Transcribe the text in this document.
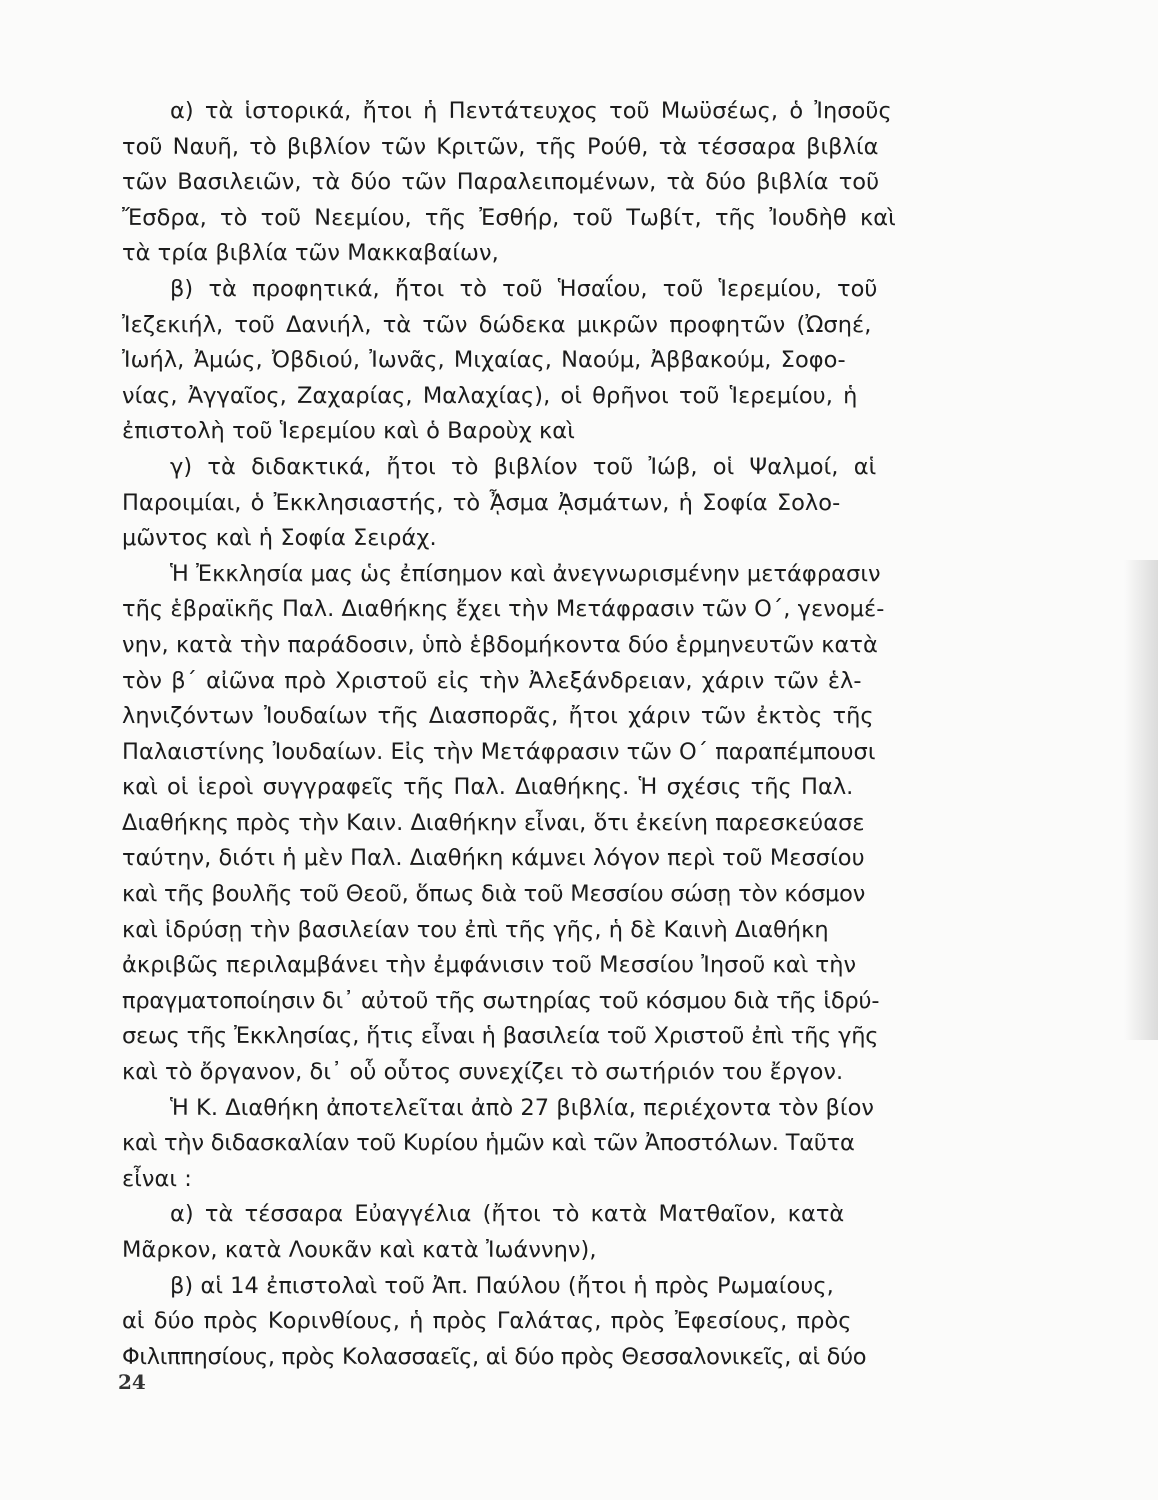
α) τὰ ἱστορικά, ἤτοι ἡ Πεντάτευχος τοῦ Μωϋσέως, ὁ Ἰησοῦς
τοῦ Ναυῆ, τὸ βιβλίον τῶν Κριτῶν, τῆς Ρούθ, τὰ τέσσαρα βιβλία
τῶν Βασιλειῶν, τὰ δύο τῶν Παραλειπομένων, τὰ δύο βιβλία τοῦ
Ἔσδρα, τὸ τοῦ Νεεμίου, τῆς Ἐσθήρ, τοῦ Τωβίτ, τῆς Ἰουδὴθ καὶ
τὰ τρία βιβλία τῶν Μακκαβαίων,
β) τὰ προφητικά, ἤτοι τὸ τοῦ Ἡσαΐου, τοῦ Ἱερεμίου, τοῦ
Ἰεζεκιήλ, τοῦ Δανιήλ, τὰ τῶν δώδεκα μικρῶν προφητῶν (Ὠσηέ,
Ἰωήλ, Ἀμώς, Ὀβδιού, Ἰωνᾶς, Μιχαίας, Ναούμ, Ἀββακούμ, Σοφο-
νίας, Ἀγγαῖος, Ζαχαρίας, Μαλαχίας), οἱ θρῆνοι τοῦ Ἱερεμίου, ἡ
ἐπιστολὴ τοῦ Ἱερεμίου καὶ ὁ Βαροὺχ καὶ
γ) τὰ διδακτικά, ἤτοι τὸ βιβλίον τοῦ Ἰώβ, οἱ Ψαλμοί, αἱ
Παροιμίαι, ὁ Ἐκκλησιαστής, τὸ ᾎσμα ᾈσμάτων, ἡ Σοφία Σολο-
μῶντος καὶ ἡ Σοφία Σειράχ.
Ἡ Ἐκκλησία μας ὡς ἐπίσημον καὶ ἀνεγνωρισμένην μετάφρασιν
τῆς ἑβραϊκῆς Παλ. Διαθήκης ἔχει τὴν Μετάφρασιν τῶν Ο΄, γενομέ-
νην, κατὰ τὴν παράδοσιν, ὑπὸ ἑβδομήκοντα δύο ἑρμηνευτῶν κατὰ
τὸν β΄ αἰῶνα πρὸ Χριστοῦ εἰς τὴν Ἀλεξάνδρειαν, χάριν τῶν ἑλ-
ληνιζόντων Ἰουδαίων τῆς Διασπορᾶς, ἤτοι χάριν τῶν ἐκτὸς τῆς
Παλαιστίνης Ἰουδαίων. Εἰς τὴν Μετάφρασιν τῶν Ο΄ παραπέμπουσι
καὶ οἱ ἱεροὶ συγγραφεῖς τῆς Παλ. Διαθήκης. Ἡ σχέσις τῆς Παλ.
Διαθήκης πρὸς τὴν Καιν. Διαθήκην εἶναι, ὅτι ἐκείνη παρεσκεύασε
ταύτην, διότι ἡ μὲν Παλ. Διαθήκη κάμνει λόγον περὶ τοῦ Μεσσίου
καὶ τῆς βουλῆς τοῦ Θεοῦ, ὅπως διὰ τοῦ Μεσσίου σώσῃ τὸν κόσμον
καὶ ἱδρύσῃ τὴν βασιλείαν του ἐπὶ τῆς γῆς, ἡ δὲ Καινὴ Διαθήκη
ἀκριβῶς περιλαμβάνει τὴν ἐμφάνισιν τοῦ Μεσσίου Ἰησοῦ καὶ τὴν
πραγματοποίησιν δι᾽ αὐτοῦ τῆς σωτηρίας τοῦ κόσμου διὰ τῆς ἱδρύ-
σεως τῆς Ἐκκλησίας, ἥτις εἶναι ἡ βασιλεία τοῦ Χριστοῦ ἐπὶ τῆς γῆς
καὶ τὸ ὄργανον, δι᾽ οὗ οὗτος συνεχίζει τὸ σωτήριόν του ἔργον.
Ἡ Κ. Διαθήκη ἀποτελεῖται ἀπὸ 27 βιβλία, περιέχοντα τὸν βίον
καὶ τὴν διδασκαλίαν τοῦ Κυρίου ἡμῶν καὶ τῶν Ἀποστόλων. Ταῦτα
εἶναι :
α) τὰ τέσσαρα Εὐαγγέλια (ἤτοι τὸ κατὰ Ματθαῖον, κατὰ
Μᾶρκον, κατὰ Λουκᾶν καὶ κατὰ Ἰωάννην),
β) αἱ 14 ἐπιστολαὶ τοῦ Ἀπ. Παύλου (ἤτοι ἡ πρὸς Ρωμαίους,
αἱ δύο πρὸς Κορινθίους, ἡ πρὸς Γαλάτας, πρὸς Ἐφεσίους, πρὸς
Φιλιππησίους, πρὸς Κολασσαεῖς, αἱ δύο πρὸς Θεσσαλονικεῖς, αἱ δύο
24
